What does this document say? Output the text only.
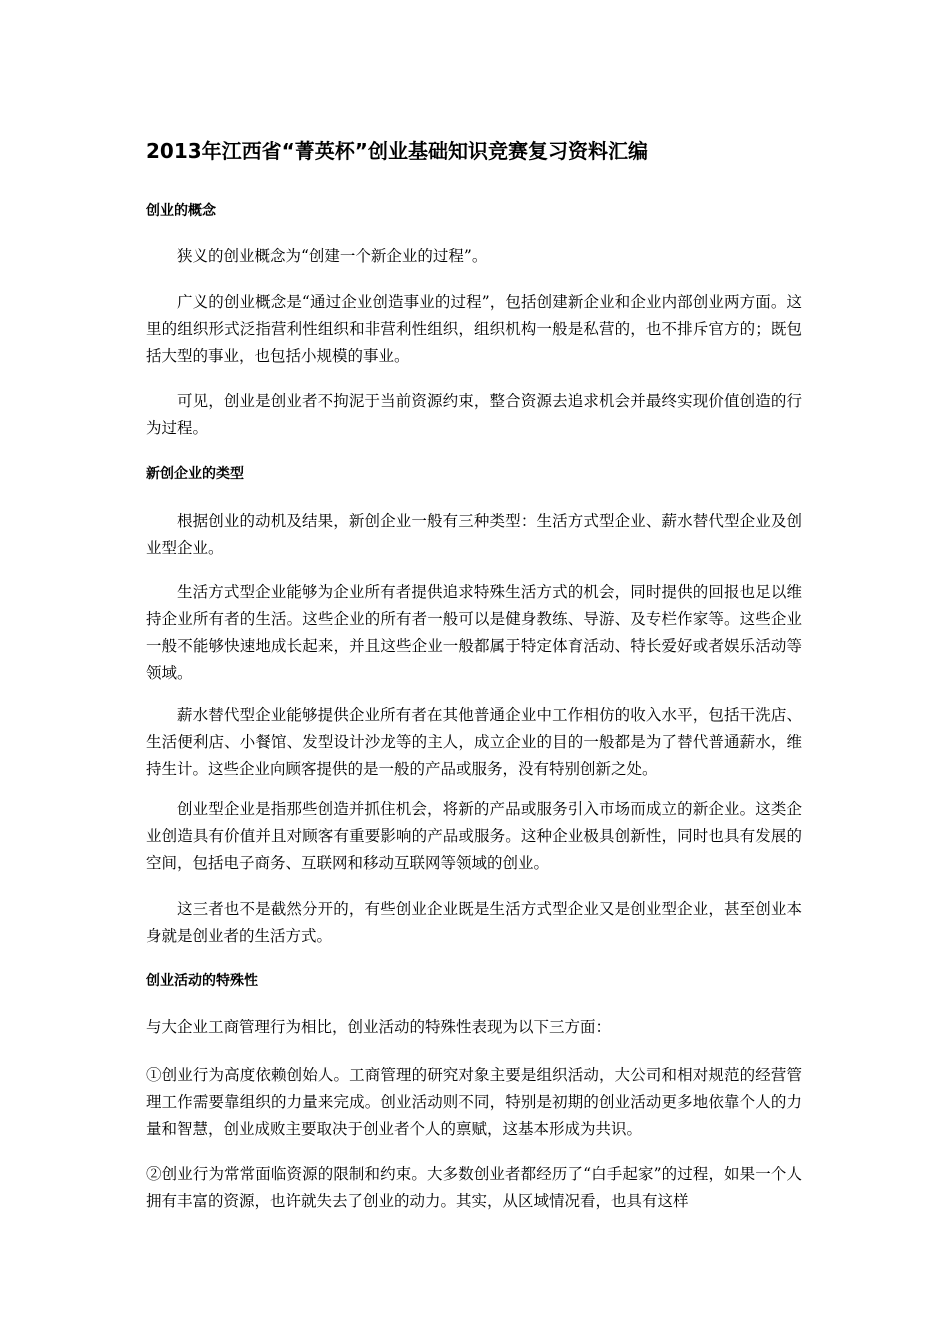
2013年江西省“菁英杯”创业基础知识竞赛复习资料汇编
创业的概念

狭义的创业概念为“创建一个新企业的过程”。

广义的创业概念是“通过企业创造事业的过程”，包括创建新企业和企业内部创业两方面。这里的组织形式泛指营利性组织和非营利性组织，组织机构一般是私营的，也不排斥官方的；既包括大型的事业，也包括小规模的事业。

可见，创业是创业者不拘泥于当前资源约束，整合资源去追求机会并最终实现价值创造的行为过程。

新创企业的类型

根据创业的动机及结果，新创企业一般有三种类型：生活方式型企业、薪水替代型企业及创业型企业。

生活方式型企业能够为企业所有者提供追求特殊生活方式的机会，同时提供的回报也足以维持企业所有者的生活。这些企业的所有者一般可以是健身教练、导游、及专栏作家等。这些企业一般不能够快速地成长起来，并且这些企业一般都属于特定体育活动、特长爱好或者娱乐活动等领域。

薪水替代型企业能够提供企业所有者在其他普通企业中工作相仿的收入水平，包括干洗店、生活便利店、小餐馆、发型设计沙龙等的主人，成立企业的目的一般都是为了替代普通薪水，维持生计。这些企业向顾客提供的是一般的产品或服务，没有特别创新之处。

创业型企业是指那些创造并抓住机会，将新的产品或服务引入市场而成立的新企业。这类企业创造具有价值并且对顾客有重要影响的产品或服务。这种企业极具创新性，同时也具有发展的空间，包括电子商务、互联网和移动互联网等领域的创业。

这三者也不是截然分开的，有些创业企业既是生活方式型企业又是创业型企业，甚至创业本身就是创业者的生活方式。

创业活动的特殊性

与大企业工商管理行为相比，创业活动的特殊性表现为以下三方面：

①创业行为高度依赖创始人。工商管理的研究对象主要是组织活动，大公司和相对规范的经营管理工作需要靠组织的力量来完成。创业活动则不同，特别是初期的创业活动更多地依靠个人的力量和智慧，创业成败主要取决于创业者个人的禀赋，这基本形成为共识。

②创业行为常常面临资源的限制和约束。大多数创业者都经历了“白手起家”的过程，如果一个人拥有丰富的资源，也许就失去了创业的动力。其实，从区域情况看，也具有这样
